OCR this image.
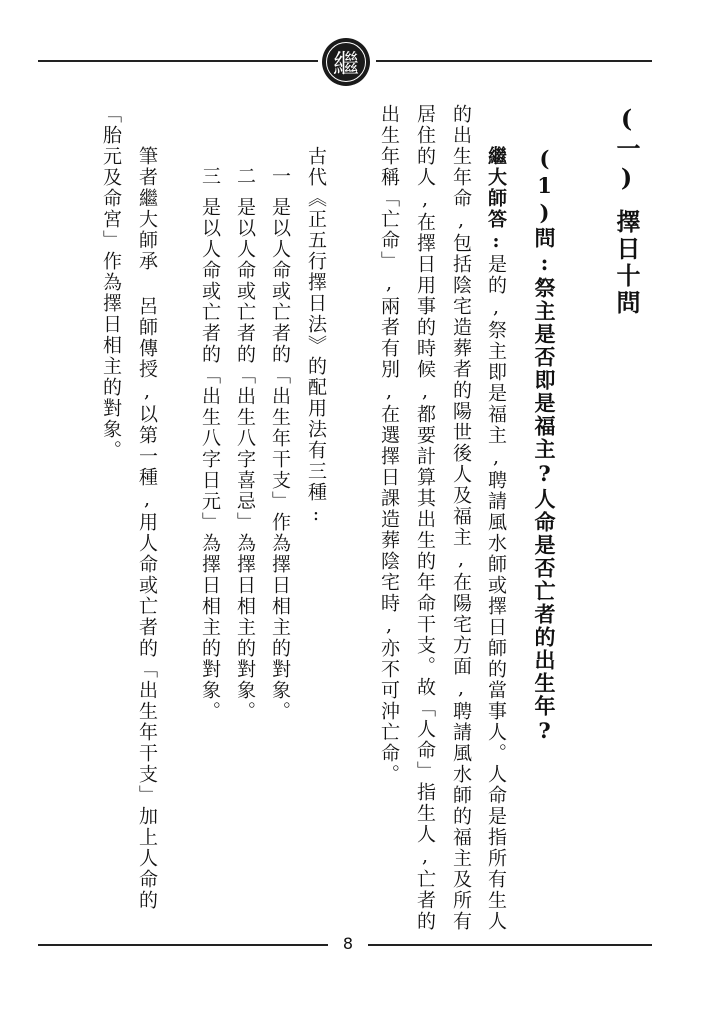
繼
(一)擇日十問
(1)問:祭主是否即是福主?人命是否亡者的出生年?
繼大師答:是的,祭主即是福主,聘請風水師或擇日師的當事人。人命是指所有生人
的出生年命,包括陰宅造葬者的陽世後人及福主,在陽宅方面,聘請風水師的福主及所有
居住的人,在擇日用事的時候,都要計算其出生的年命干支。故「人命」指生人,亡者的
出生年稱「亡命」,兩者有別,在選擇日課造葬陰宅時,亦不可沖亡命。
古代《正五行擇日法》的配用法有三種:
一是以人命或亡者的「出生年干支」作為擇日相主的對象。
二是以人命或亡者的「出生八字喜忌」為擇日相主的對象。
三是以人命或亡者的「出生八字日元」為擇日相主的對象。
筆者繼大師承 呂師傳授,以第一種,用人命或亡者的「出生年干支」加上人命的
「胎元及命宮」作為擇日相主的對象。
8
